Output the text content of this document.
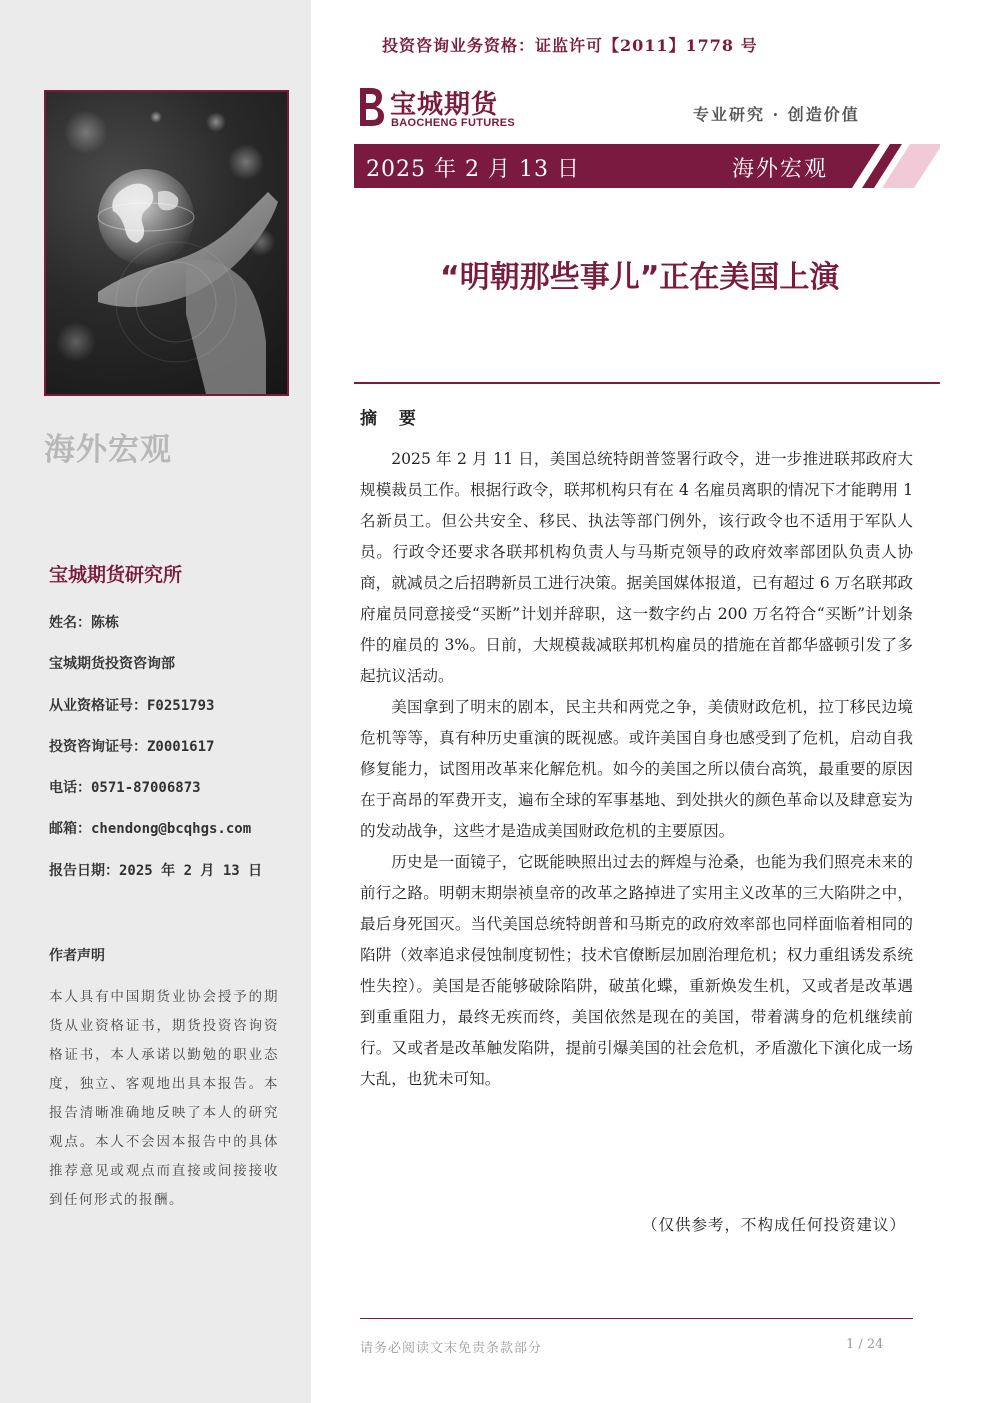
海外宏观
宝城期货研究所
姓名：陈栋
宝城期货投资咨询部
从业资格证号：F0251793
投资咨询证号：Z0001617
电话：0571-87006873
邮箱：chendong@bcqhgs.com
报告日期：2025 年 2 月 13 日
作者声明
本人具有中国期货业协会授予的期货从业资格证书，期货投资咨询资格证书，本人承诺以勤勉的职业态度，独立、客观地出具本报告。本报告清晰准确地反映了本人的研究观点。本人不会因本报告中的具体推荐意见或观点而直接或间接接收到任何形式的报酬。
投资咨询业务资格：证监许可【2011】1778 号
宝城期货
BAOCHENG FUTURES	专业研究 · 创造价值
2025 年 2 月 13 日	海外宏观
“明朝那些事儿”正在美国上演
摘 要

2025 年 2 月 11 日，美国总统特朗普签署行政令，进一步推进联邦政府大规模裁员工作。根据行政令，联邦机构只有在 4 名雇员离职的情况下才能聘用 1 名新员工。但公共安全、移民、执法等部门例外，该行政令也不适用于军队人员。行政令还要求各联邦机构负责人与马斯克领导的政府效率部团队负责人协商，就减员之后招聘新员工进行决策。据美国媒体报道，已有超过 6 万名联邦政府雇员同意接受“买断”计划并辞职，这一数字约占 200 万名符合“买断”计划条件的雇员的 3%。日前，大规模裁减联邦机构雇员的措施在首都华盛顿引发了多起抗议活动。

美国拿到了明末的剧本，民主共和两党之争，美债财政危机，拉丁移民边境危机等等，真有种历史重演的既视感。或许美国自身也感受到了危机，启动自我修复能力，试图用改革来化解危机。如今的美国之所以债台高筑，最重要的原因在于高昂的军费开支，遍布全球的军事基地、到处拱火的颜色革命以及肆意妄为的发动战争，这些才是造成美国财政危机的主要原因。

历史是一面镜子，它既能映照出过去的辉煌与沧桑，也能为我们照亮未来的前行之路。明朝末期崇祯皇帝的改革之路掉进了实用主义改革的三大陷阱之中，最后身死国灭。当代美国总统特朗普和马斯克的政府效率部也同样面临着相同的陷阱（效率追求侵蚀制度韧性；技术官僚断层加剧治理危机；权力重组诱发系统性失控）。美国是否能够破除陷阱，破茧化蝶，重新焕发生机，又或者是改革遇到重重阻力，最终无疾而终，美国依然是现在的美国，带着满身的危机继续前行。又或者是改革触发陷阱，提前引爆美国的社会危机，矛盾激化下演化成一场大乱，也犹未可知。

（仅供参考，不构成任何投资建议）
请务必阅读文末免责条款部分	1 / 24
